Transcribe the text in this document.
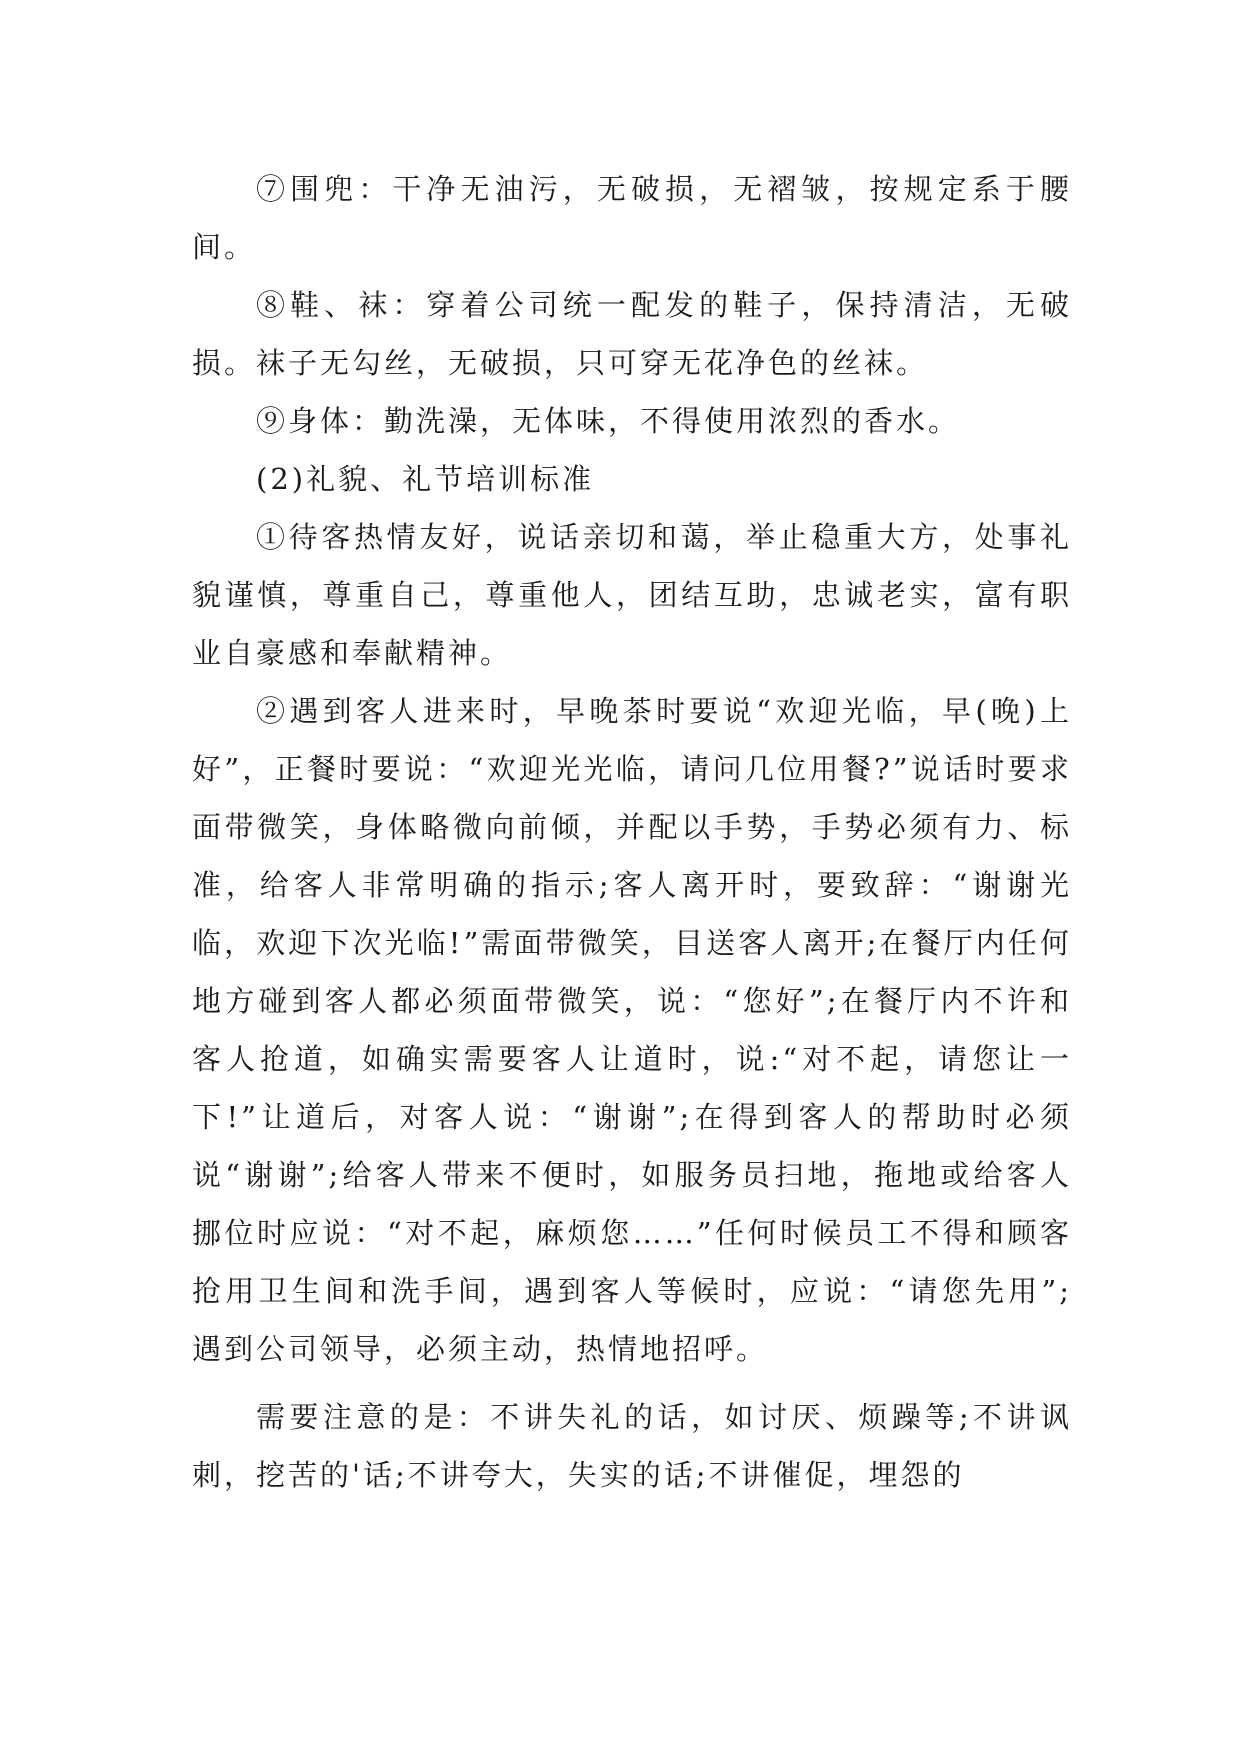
⑦围兜：干净无油污，无破损，无褶皱，按规定系于腰间。

⑧鞋、袜：穿着公司统一配发的鞋子，保持清洁，无破损。袜子无勾丝，无破损，只可穿无花净色的丝袜。

⑨身体：勤洗澡，无体味，不得使用浓烈的香水。

(2)礼貌、礼节培训标准

①待客热情友好，说话亲切和蔼，举止稳重大方，处事礼貌谨慎，尊重自己，尊重他人，团结互助，忠诚老实，富有职业自豪感和奉献精神。

②遇到客人进来时，早晚茶时要说“欢迎光临，早(晚)上好”，正餐时要说：“欢迎光光临，请问几位用餐?”说话时要求面带微笑，身体略微向前倾，并配以手势，手势必须有力、标准，给客人非常明确的指示;客人离开时，要致辞：“谢谢光临，欢迎下次光临!”需面带微笑，目送客人离开;在餐厅内任何地方碰到客人都必须面带微笑，说：“您好”;在餐厅内不许和客人抢道，如确实需要客人让道时，说:“对不起，请您让一下!”让道后，对客人说：“谢谢”;在得到客人的帮助时必须说“谢谢”;给客人带来不便时，如服务员扫地，拖地或给客人挪位时应说：“对不起，麻烦您……”任何时候员工不得和顾客抢用卫生间和洗手间，遇到客人等候时，应说：“请您先用”;遇到公司领导，必须主动，热情地招呼。

需要注意的是：不讲失礼的话，如讨厌、烦躁等;不讲讽刺，挖苦的'话;不讲夸大，失实的话;不讲催促，埋怨的
